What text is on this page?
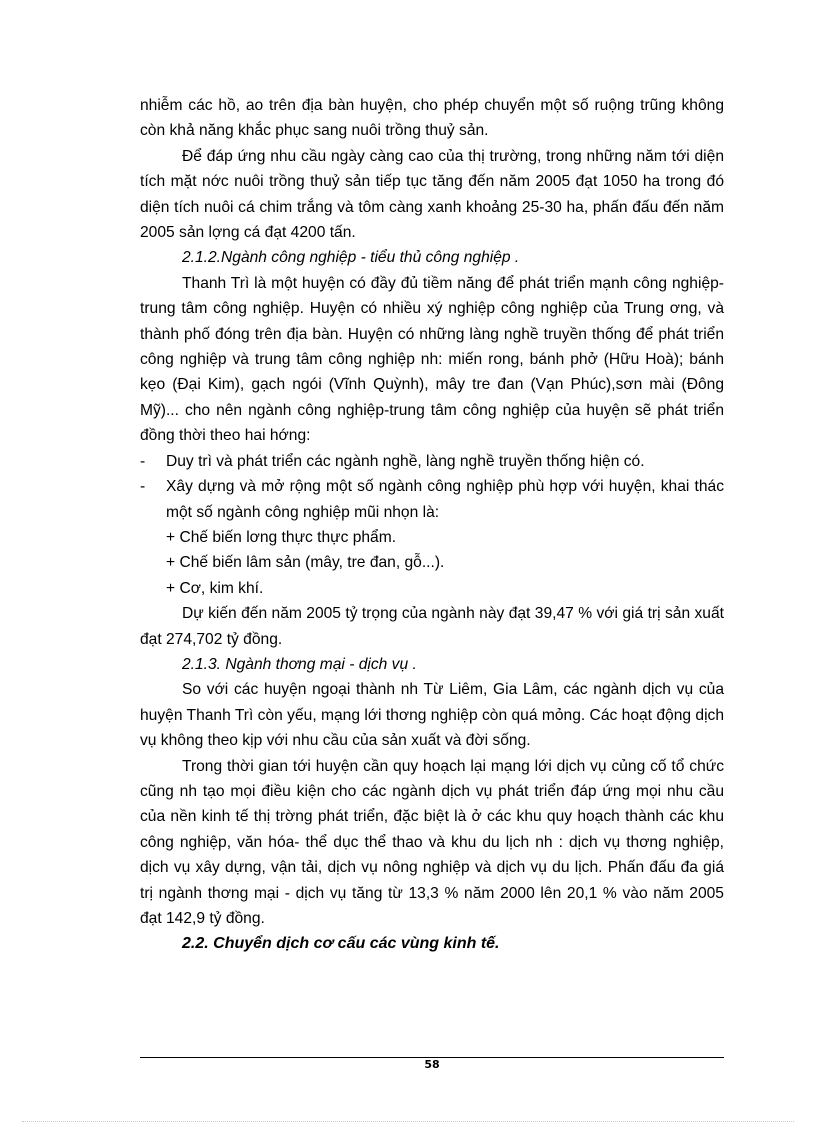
nhiễm các hồ, ao trên địa bàn huyện, cho phép chuyển một số ruộng trũng không còn khả năng khắc phục sang nuôi trồng thuỷ sản.

Để đáp ứng nhu cầu ngày càng cao của thị trường, trong những năm tới diện tích mặt nớc nuôi trồng thuỷ sản tiếp tục tăng đến năm 2005 đạt 1050 ha trong đó diện tích nuôi cá chim trắng và tôm càng xanh khoảng 25-30 ha, phấn đấu đến năm 2005 sản lợng cá đạt 4200 tấn.

2.1.2.Ngành công nghiệp - tiểu thủ công nghiệp .

Thanh Trì là một huyện có đầy đủ tiềm năng để phát triển mạnh công nghiệp- trung tâm công nghiệp. Huyện có nhiều xý nghiệp công nghiệp của Trung ơng, và thành phố đóng trên địa bàn. Huyện có những làng nghề truyền thống để phát triển công nghiệp và trung tâm công nghiệp nh: miến rong, bánh phở (Hữu Hoà); bánh kẹo (Đại Kim), gạch ngói (Vĩnh Quỳnh), mây tre đan (Vạn Phúc),sơn mài (Đông Mỹ)... cho nên ngành công nghiệp-trung tâm công nghiệp của huyện sẽ phát triển đồng thời theo hai hớng:

- Duy trì và phát triển các ngành nghề, làng nghề truyền thống hiện có.

- Xây dựng và mở rộng một số ngành công nghiệp phù hợp với huyện, khai thác một số ngành công nghiệp mũi nhọn là:

+ Chế biến lơng thực thực phẩm.

+ Chế biến lâm sản (mây, tre đan, gỗ...).

+ Cơ, kim khí.

Dự kiến đến năm 2005 tỷ trọng của ngành này đạt 39,47 % với giá trị sản xuất đạt 274,702 tỷ đồng.

2.1.3. Ngành thơng mại - dịch vụ .

So với các huyện ngoại thành nh Từ Liêm, Gia Lâm, các ngành dịch vụ của huyện Thanh Trì còn yếu, mạng lới thơng nghiệp còn quá mỏng. Các hoạt động dịch vụ không theo kịp với nhu cầu của sản xuất và đời sống.

Trong thời gian tới huyện cần quy hoạch lại mạng lới dịch vụ củng cố tổ chức cũng nh tạo mọi điều kiện cho các ngành dịch vụ phát triển đáp ứng mọi nhu cầu của nền kinh tế thị trờng phát triển, đặc biệt là ở các khu quy hoạch thành các khu công nghiệp, văn hóa- thể dục thể thao và khu du lịch nh : dịch vụ thơng nghiệp, dịch vụ xây dựng, vận tải, dịch vụ nông nghiệp và dịch vụ du lịch. Phấn đấu đa giá trị ngành thơng mại - dịch vụ tăng từ 13,3 % năm 2000 lên 20,1 % vào năm 2005 đạt 142,9 tỷ đồng.

2.2. Chuyển dịch cơ cấu các vùng kinh tế.

58
